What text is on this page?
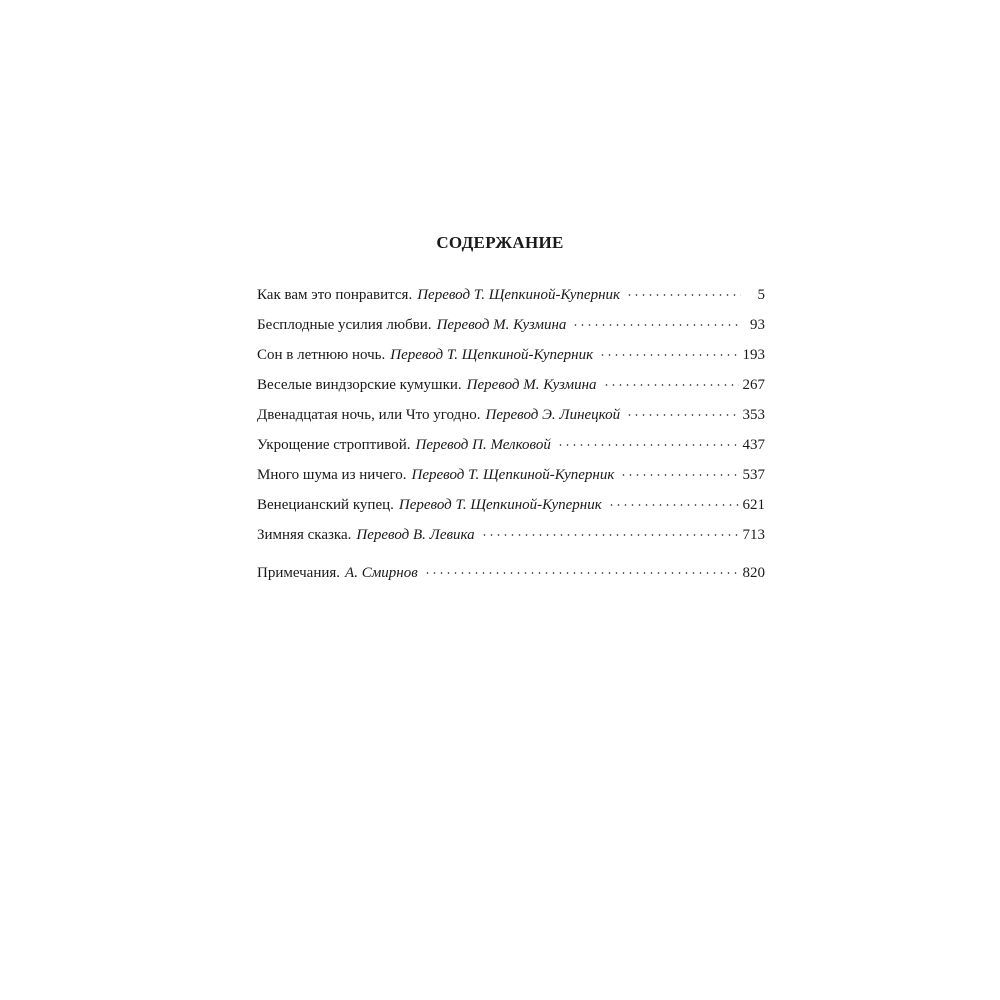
СОДЕРЖАНИЕ
Как вам это понравится. Перевод Т. Щепкиной-Куперник	5
Бесплодные усилия любви. Перевод М. Кузмина	93
Сон в летнюю ночь. Перевод Т. Щепкиной-Куперник	193
Веселые виндзорские кумушки. Перевод М. Кузмина	267
Двенадцатая ночь, или Что угодно. Перевод Э. Линецкой	353
Укрощение строптивой. Перевод П. Мелковой	437
Много шума из ничего. Перевод Т. Щепкиной-Куперник	537
Венецианский купец. Перевод Т. Щепкиной-Куперник	621
Зимняя сказка. Перевод В. Левика	713
Примечания. А. Смирнов	820
